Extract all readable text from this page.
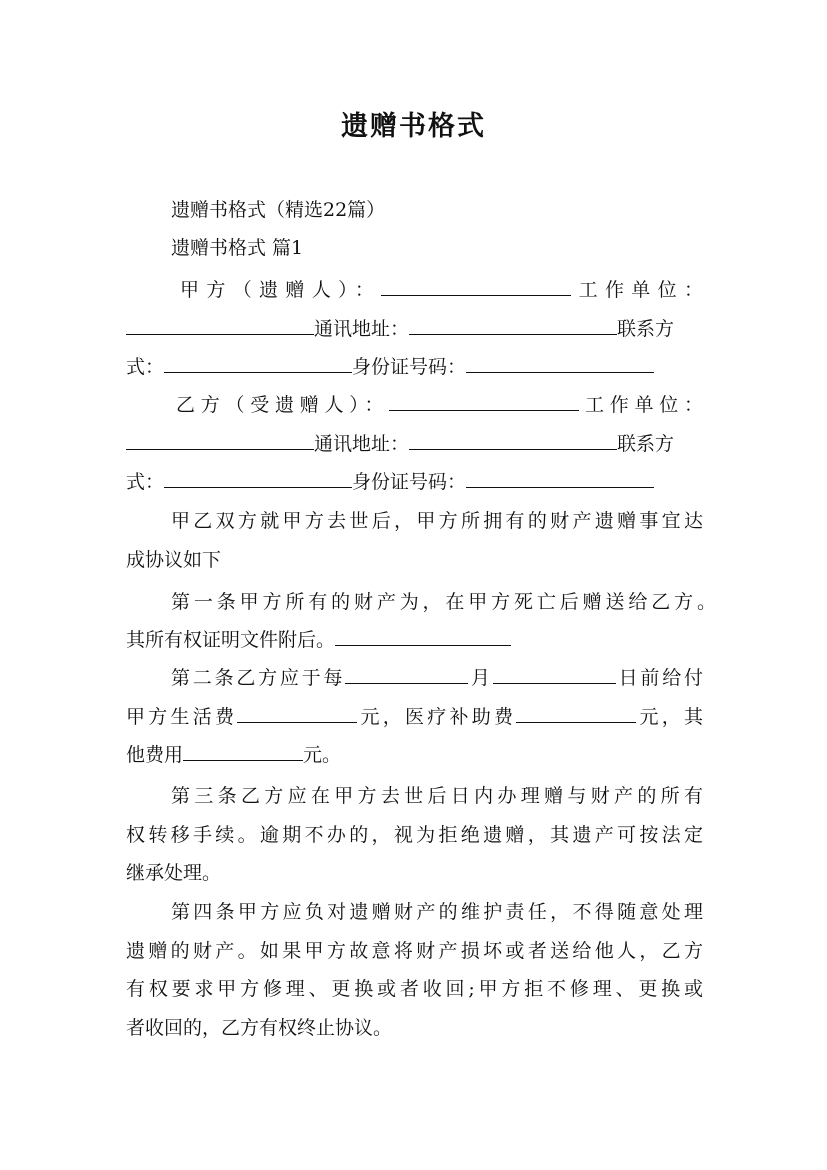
遗赠书格式
遗赠书格式（精选22篇）
遗赠书格式 篇1
甲方（遗赠人）：	工作单位：
通讯地址：	联系方
式：	身份证号码：
乙方（受遗赠人）：	工作单位：
通讯地址：	联系方
式：	身份证号码：
甲乙双方就甲方去世后，甲方所拥有的财产遗赠事宜达
成协议如下
第一条甲方所有的财产为，在甲方死亡后赠送给乙方。
其所有权证明文件附后。
第二条乙方应于每	月	日前给付
甲方生活费	元，医疗补助费	元，其
他费用	元。
第三条乙方应在甲方去世后日内办理赠与财产的所有
权转移手续。逾期不办的，视为拒绝遗赠，其遗产可按法定
继承处理。
第四条甲方应负对遗赠财产的维护责任，不得随意处理
遗赠的财产。如果甲方故意将财产损坏或者送给他人，乙方
有权要求甲方修理、更换或者收回;甲方拒不修理、更换或
者收回的，乙方有权终止协议。
